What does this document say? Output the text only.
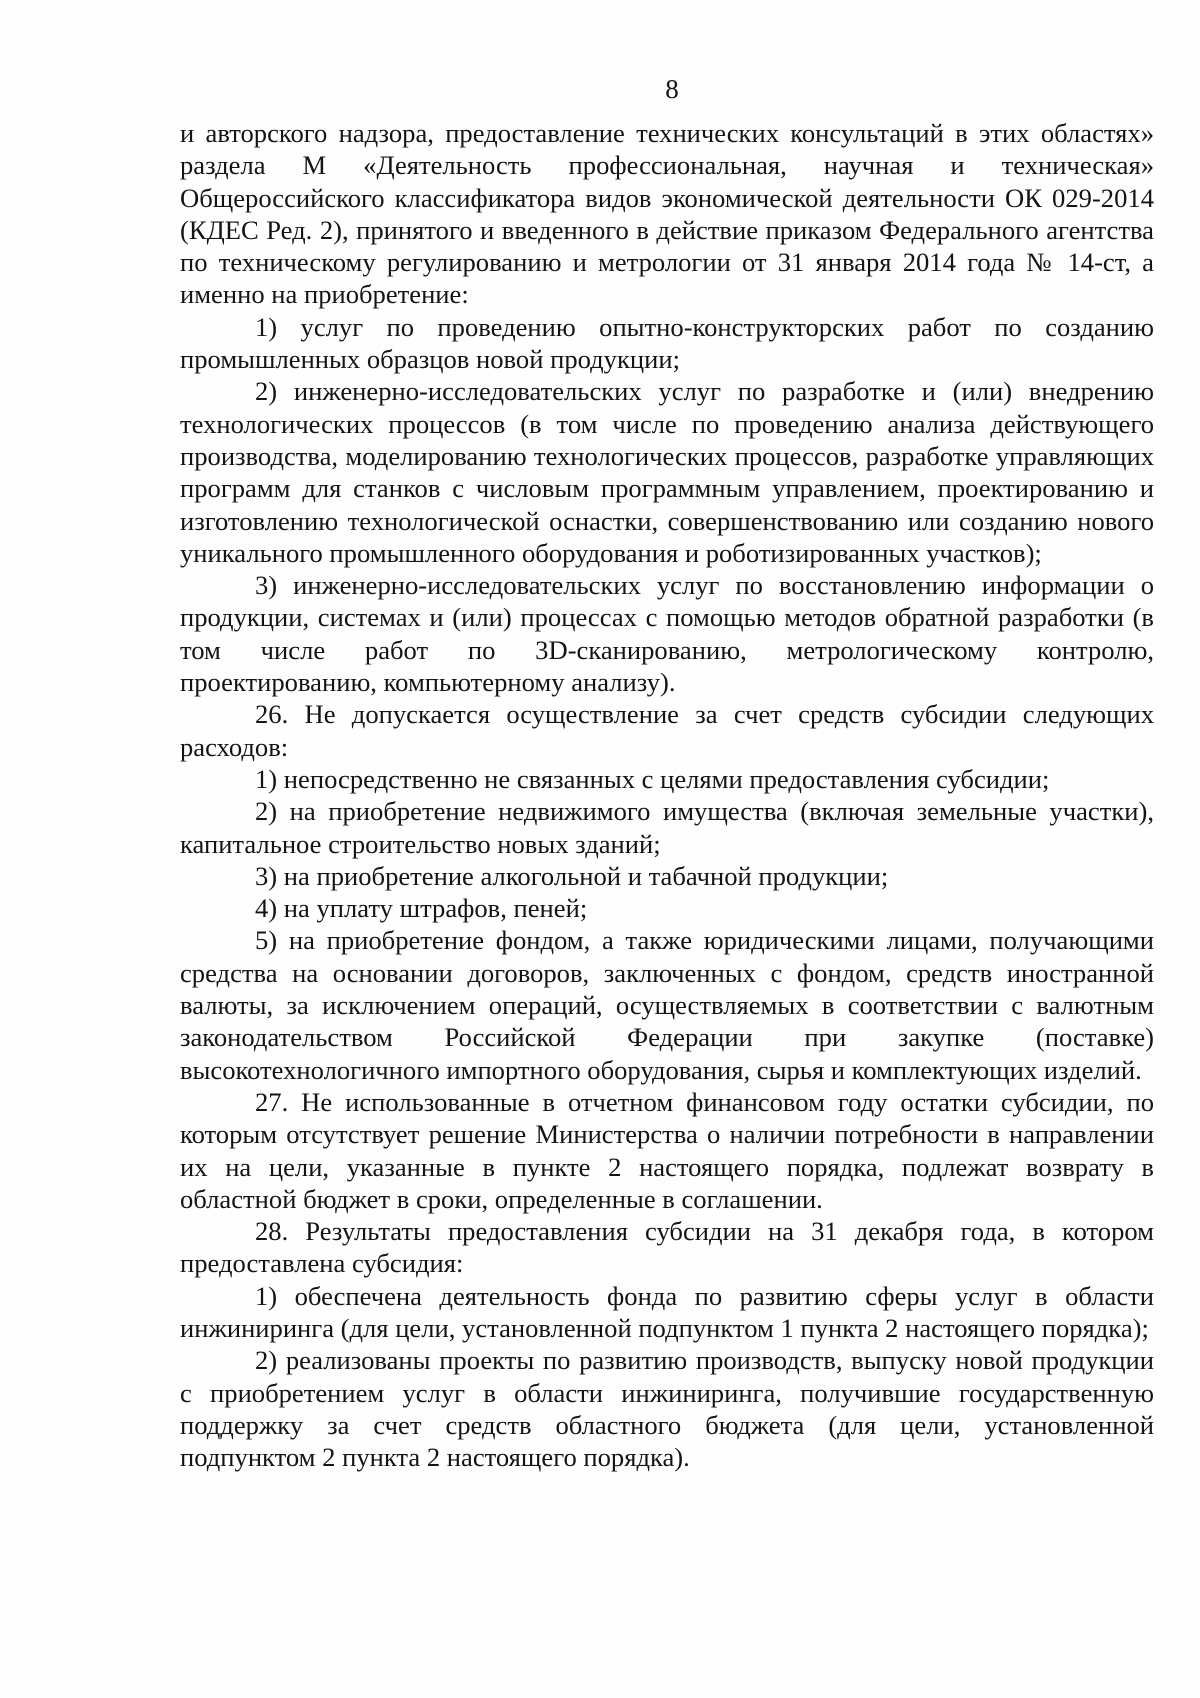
8

и авторского надзора, предоставление технических консультаций в этих областях» раздела М «Деятельность профессиональная, научная и техническая» Общероссийского классификатора видов экономической деятельности ОК 029-2014 (КДЕС Ред. 2), принятого и введенного в действие приказом Федерального агентства по техническому регулированию и метрологии от 31 января 2014 года № 14-ст, а именно на приобретение:

1) услуг по проведению опытно-конструкторских работ по созданию промышленных образцов новой продукции;

2) инженерно-исследовательских услуг по разработке и (или) внедрению технологических процессов (в том числе по проведению анализа действующего производства, моделированию технологических процессов, разработке управляющих программ для станков с числовым программным управлением, проектированию и изготовлению технологической оснастки, совершенствованию или созданию нового уникального промышленного оборудования и роботизированных участков);

3) инженерно-исследовательских услуг по восстановлению информации о продукции, системах и (или) процессах с помощью методов обратной разработки (в том числе работ по 3D-сканированию, метрологическому контролю, проектированию, компьютерному анализу).

26. Не допускается осуществление за счет средств субсидии следующих расходов:

1) непосредственно не связанных с целями предоставления субсидии;

2) на приобретение недвижимого имущества (включая земельные участки), капитальное строительство новых зданий;

3) на приобретение алкогольной и табачной продукции;

4) на уплату штрафов, пеней;

5) на приобретение фондом, а также юридическими лицами, получающими средства на основании договоров, заключенных с фондом, средств иностранной валюты, за исключением операций, осуществляемых в соответствии с валютным законодательством Российской Федерации при закупке (поставке) высокотехнологичного импортного оборудования, сырья и комплектующих изделий.

27. Не использованные в отчетном финансовом году остатки субсидии, по которым отсутствует решение Министерства о наличии потребности в направлении их на цели, указанные в пункте 2 настоящего порядка, подлежат возврату в областной бюджет в сроки, определенные в соглашении.

28. Результаты предоставления субсидии на 31 декабря года, в котором предоставлена субсидия:

1) обеспечена деятельность фонда по развитию сферы услуг в области инжиниринга (для цели, установленной подпунктом 1 пункта 2 настоящего порядка);

2) реализованы проекты по развитию производств, выпуску новой продукции с приобретением услуг в области инжиниринга, получившие государственную поддержку за счет средств областного бюджета (для цели, установленной подпунктом 2 пункта 2 настоящего порядка).
